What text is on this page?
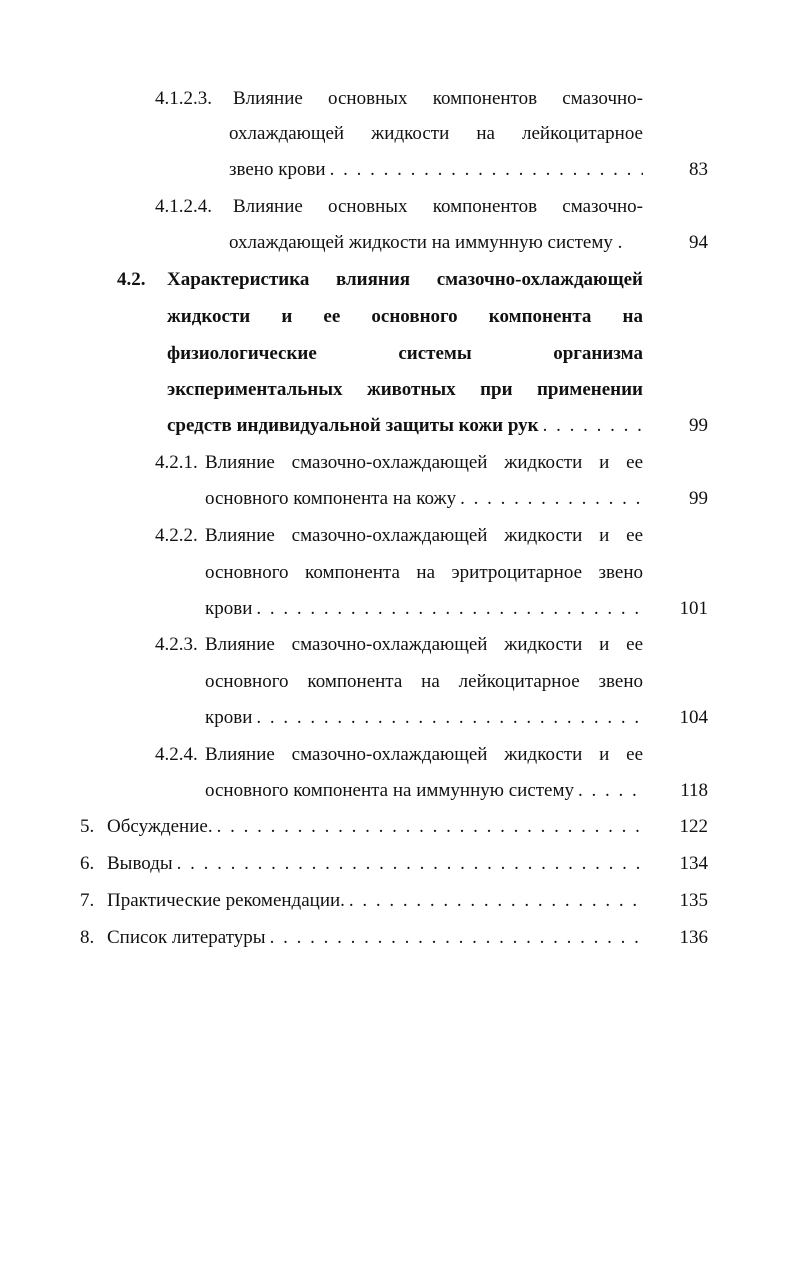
4.1.2.3. Влияние основных компонентов смазочно-
охлаждающей жидкости на лейкоцитарное
звено крови . . .	83
4.1.2.4. Влияние основных компонентов смазочно-
охлаждающей жидкости на иммунную систему .	94
4.2. Характеристика влияния смазочно-охлаждающей
жидкости и ее основного компонента на
физиологические системы организма
экспериментальных животных при применении
средств индивидуальной защиты кожи рук . . .	99
4.2.1. Влияние смазочно-охлаждающей жидкости и ее
основного компонента на кожу . . .	99
4.2.2. Влияние смазочно-охлаждающей жидкости и ее
основного компонента на эритроцитарное звено
крови . . .	101
4.2.3. Влияние смазочно-охлаждающей жидкости и ее
основного компонента на лейкоцитарное звено
крови . . .	104
4.2.4. Влияние смазочно-охлаждающей жидкости и ее
основного компонента на иммунную систему . . .	118
5. Обсуждение. . . .	122
6. Выводы . . .	134
7. Практические рекомендации. . . .	135
8. Список литературы . . .	136
